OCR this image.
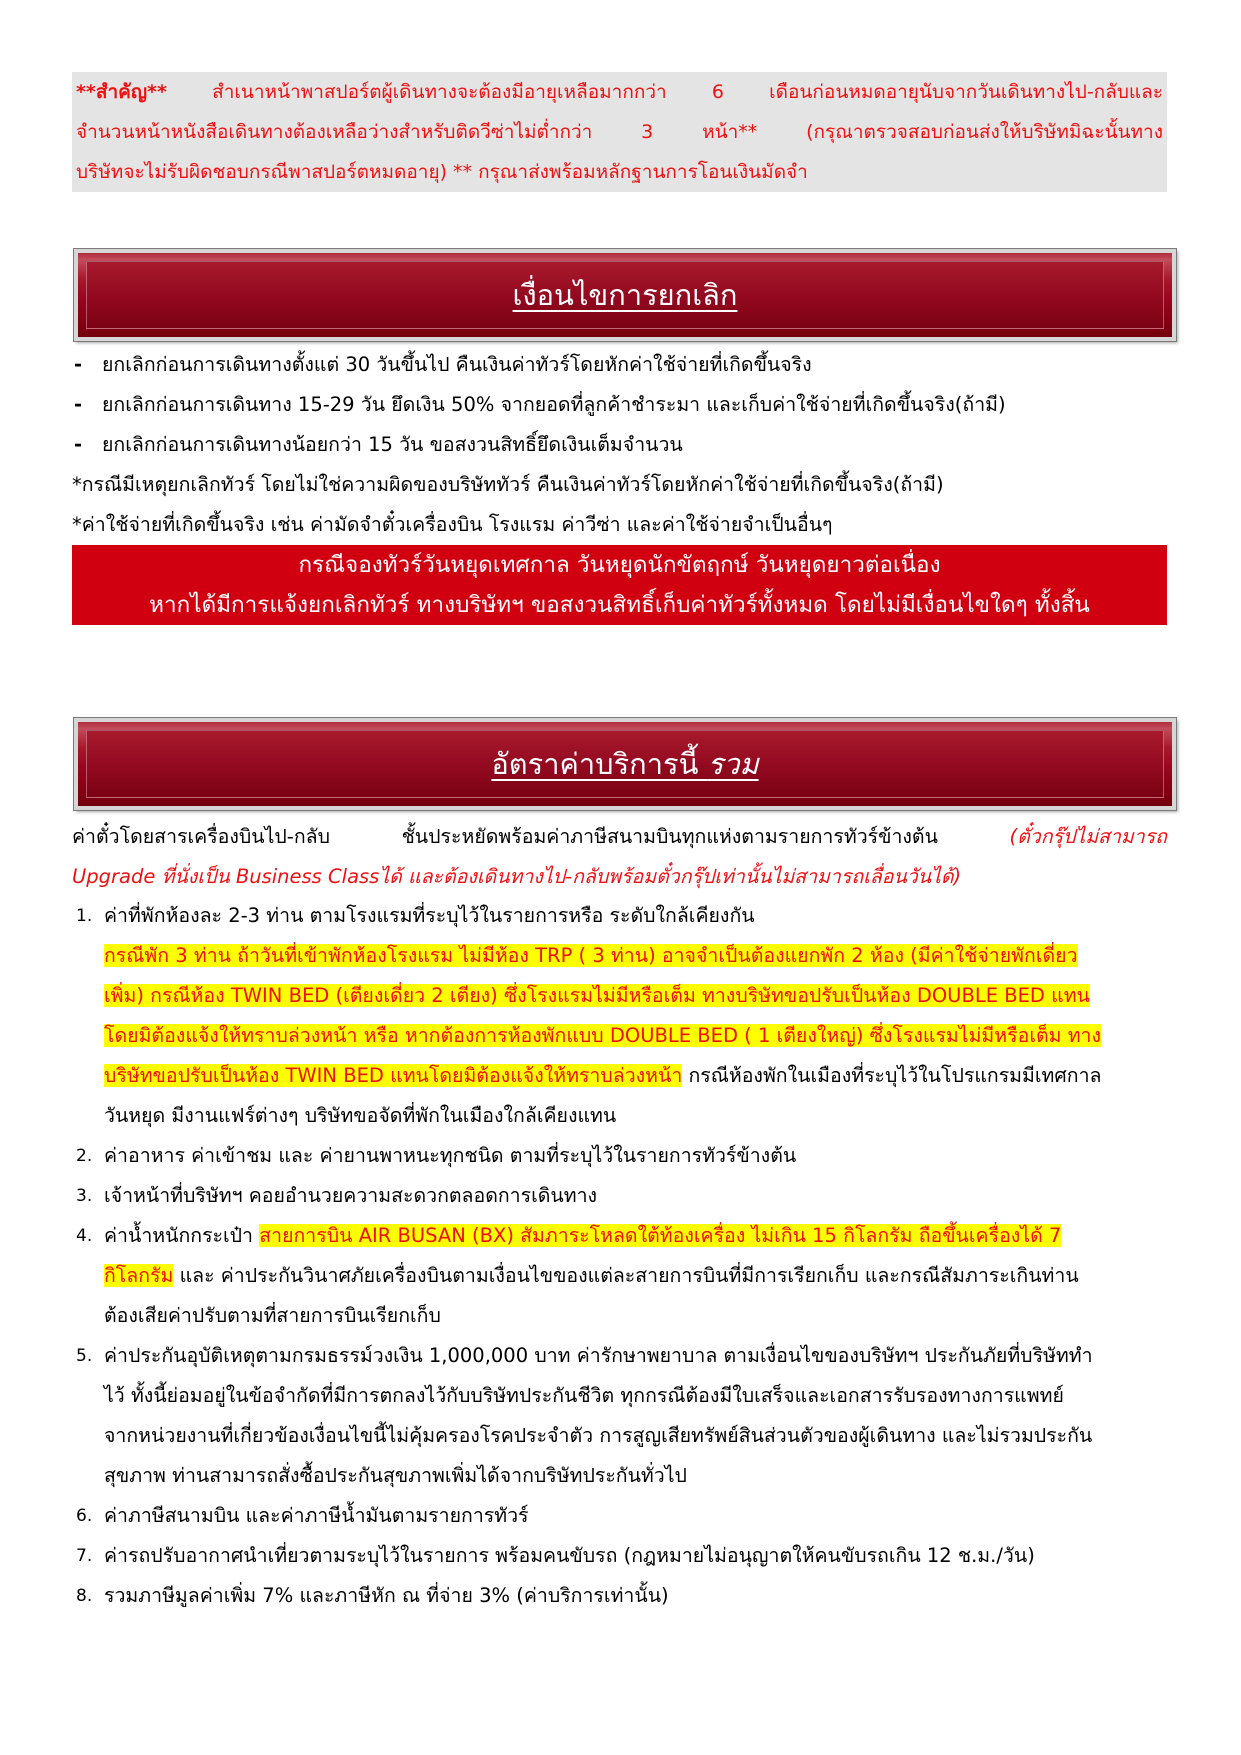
**สำคัญ** สำเนาหน้าพาสปอร์ตผู้เดินทางจะต้องมีอายุเหลือมากกว่า 6 เดือนก่อนหมดอายุนับจากวันเดินทางไป-กลับและ
จำนวนหน้าหนังสือเดินทางต้องเหลือว่างสำหรับติดวีซ่าไม่ต่ำกว่า 3 หน้า** (กรุณาตรวจสอบก่อนส่งให้บริษัทมิฉะนั้นทาง
บริษัทจะไม่รับผิดชอบกรณีพาสปอร์ตหมดอายุ) ** กรุณาส่งพร้อมหลักฐานการโอนเงินมัดจำ
เงื่อนไขการยกเลิก
- ยกเลิกก่อนการเดินทางตั้งแต่ 30 วันขึ้นไป คืนเงินค่าทัวร์โดยหักค่าใช้จ่ายที่เกิดขึ้นจริง
- ยกเลิกก่อนการเดินทาง 15-29 วัน ยึดเงิน 50% จากยอดที่ลูกค้าชำระมา และเก็บค่าใช้จ่ายที่เกิดขึ้นจริง(ถ้ามี)
- ยกเลิกก่อนการเดินทางน้อยกว่า 15 วัน ขอสงวนสิทธิ์ยึดเงินเต็มจำนวน
*กรณีมีเหตุยกเลิกทัวร์ โดยไม่ใช่ความผิดของบริษัททัวร์ คืนเงินค่าทัวร์โดยหักค่าใช้จ่ายที่เกิดขึ้นจริง(ถ้ามี)
*ค่าใช้จ่ายที่เกิดขึ้นจริง เช่น ค่ามัดจำตั๋วเครื่องบิน โรงแรม ค่าวีซ่า และค่าใช้จ่ายจำเป็นอื่นๆ
กรณีจองทัวร์วันหยุดเทศกาล วันหยุดนักขัตฤกษ์ วันหยุดยาวต่อเนื่อง
หากได้มีการแจ้งยกเลิกทัวร์ ทางบริษัทฯ ขอสงวนสิทธิ์เก็บค่าทัวร์ทั้งหมด โดยไม่มีเงื่อนไขใดๆ ทั้งสิ้น
อัตราค่าบริการนี้ รวม
ค่าตั๋วโดยสารเครื่องบินไป-กลับ ชั้นประหยัดพร้อมค่าภาษีสนามบินทุกแห่งตามรายการทัวร์ข้างต้น (ตั๋วกรุ๊ปไม่สามารถ
Upgrade ที่นั่งเป็น Business Classได้ และต้องเดินทางไป-กลับพร้อมตั๋วกรุ๊ปเท่านั้นไม่สามารถเลื่อนวันได้)
1. ค่าที่พักห้องละ 2-3 ท่าน ตามโรงแรมที่ระบุไว้ในรายการหรือ ระดับใกล้เคียงกัน
กรณีพัก 3 ท่าน ถ้าวันที่เข้าพักห้องโรงแรม ไม่มีห้อง TRP ( 3 ท่าน) อาจจำเป็นต้องแยกพัก 2 ห้อง (มีค่าใช้จ่ายพักเดี่ยว
เพิ่ม) กรณีห้อง TWIN BED (เตียงเดี่ยว 2 เตียง) ซึ่งโรงแรมไม่มีหรือเต็ม ทางบริษัทขอปรับเป็นห้อง DOUBLE BED แทน
โดยมิต้องแจ้งให้ทราบล่วงหน้า หรือ หากต้องการห้องพักแบบ DOUBLE BED ( 1 เตียงใหญ่) ซึ่งโรงแรมไม่มีหรือเต็ม ทาง
บริษัทขอปรับเป็นห้อง TWIN BED แทนโดยมิต้องแจ้งให้ทราบล่วงหน้า กรณีห้องพักในเมืองที่ระบุไว้ในโปรแกรมมีเทศกาล
วันหยุด มีงานแฟร์ต่างๆ บริษัทขอจัดที่พักในเมืองใกล้เคียงแทน
2. ค่าอาหาร ค่าเข้าชม และ ค่ายานพาหนะทุกชนิด ตามที่ระบุไว้ในรายการทัวร์ข้างต้น
3. เจ้าหน้าที่บริษัทฯ คอยอำนวยความสะดวกตลอดการเดินทาง
4. ค่าน้ำหนักกระเป๋า สายการบิน AIR BUSAN (BX) สัมภาระโหลดใต้ท้องเครื่อง ไม่เกิน 15 กิโลกรัม ถือขึ้นเครื่องได้ 7
กิโลกรัม และ ค่าประกันวินาศภัยเครื่องบินตามเงื่อนไขของแต่ละสายการบินที่มีการเรียกเก็บ และกรณีสัมภาระเกินท่าน
ต้องเสียค่าปรับตามที่สายการบินเรียกเก็บ
5. ค่าประกันอุบัติเหตุตามกรมธรรม์วงเงิน 1,000,000 บาท ค่ารักษาพยาบาล ตามเงื่อนไขของบริษัทฯ ประกันภัยที่บริษัททำ
ไว้ ทั้งนี้ย่อมอยู่ในข้อจำกัดที่มีการตกลงไว้กับบริษัทประกันชีวิต ทุกกรณีต้องมีใบเสร็จและเอกสารรับรองทางการแพทย์
จากหน่วยงานที่เกี่ยวข้องเงื่อนไขนี้ไม่คุ้มครองโรคประจำตัว การสูญเสียทรัพย์สินส่วนตัวของผู้เดินทาง และไม่รวมประกัน
สุขภาพ ท่านสามารถสั่งซื้อประกันสุขภาพเพิ่มได้จากบริษัทประกันทั่วไป
6. ค่าภาษีสนามบิน และค่าภาษีน้ำมันตามรายการทัวร์
7. ค่ารถปรับอากาศนำเที่ยวตามระบุไว้ในรายการ พร้อมคนขับรถ (กฎหมายไม่อนุญาตให้คนขับรถเกิน 12 ช.ม./วัน)
8. รวมภาษีมูลค่าเพิ่ม 7% และภาษีหัก ณ ที่จ่าย 3% (ค่าบริการเท่านั้น)
